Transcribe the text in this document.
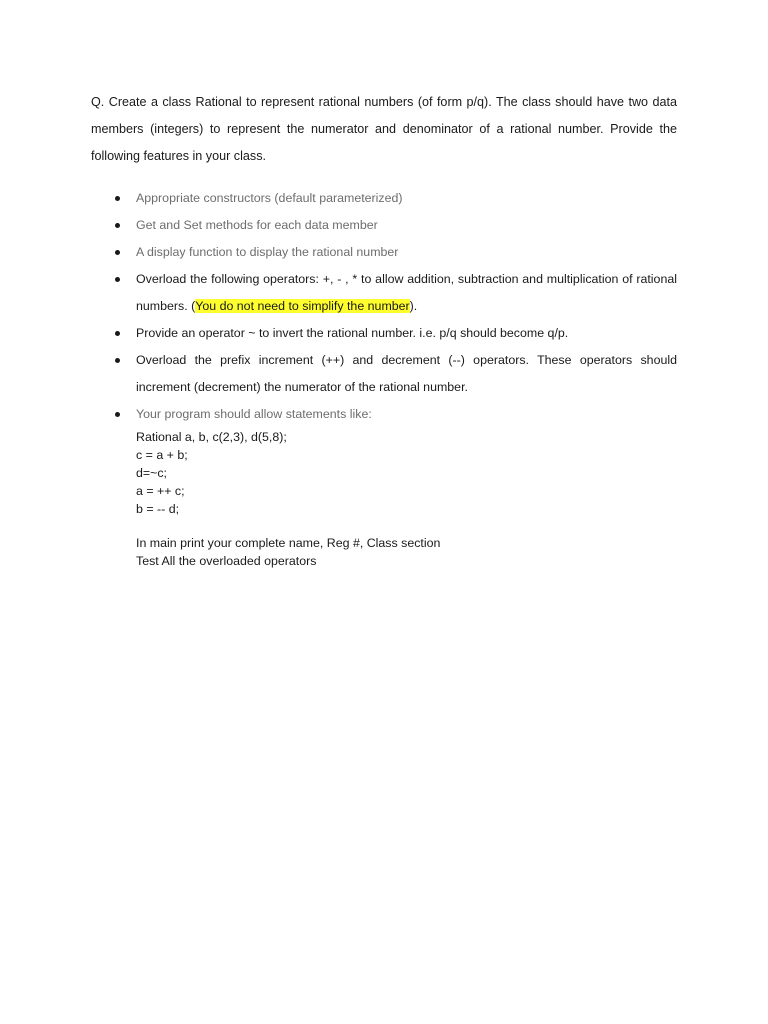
Q. Create a class Rational to represent rational numbers (of form p/q). The class should have two data members (integers) to represent the numerator and denominator of a rational number. Provide the following features in your class.

Appropriate constructors (default parameterized)
Get and Set methods for each data member
A display function to display the rational number
Overload the following operators: +, - , * to allow addition, subtraction and multiplication of rational numbers. (You do not need to simplify the number).
Provide an operator ~ to invert the rational number. i.e. p/q should become q/p.
Overload the prefix increment (++) and decrement (--) operators. These operators should increment (decrement) the numerator of the rational number.
Your program should allow statements like:
Rational a, b, c(2,3), d(5,8);
c = a + b;
d=~c;
a = ++ c;
b = -- d;
In main print your complete name, Reg #, Class section
Test All the overloaded operators
